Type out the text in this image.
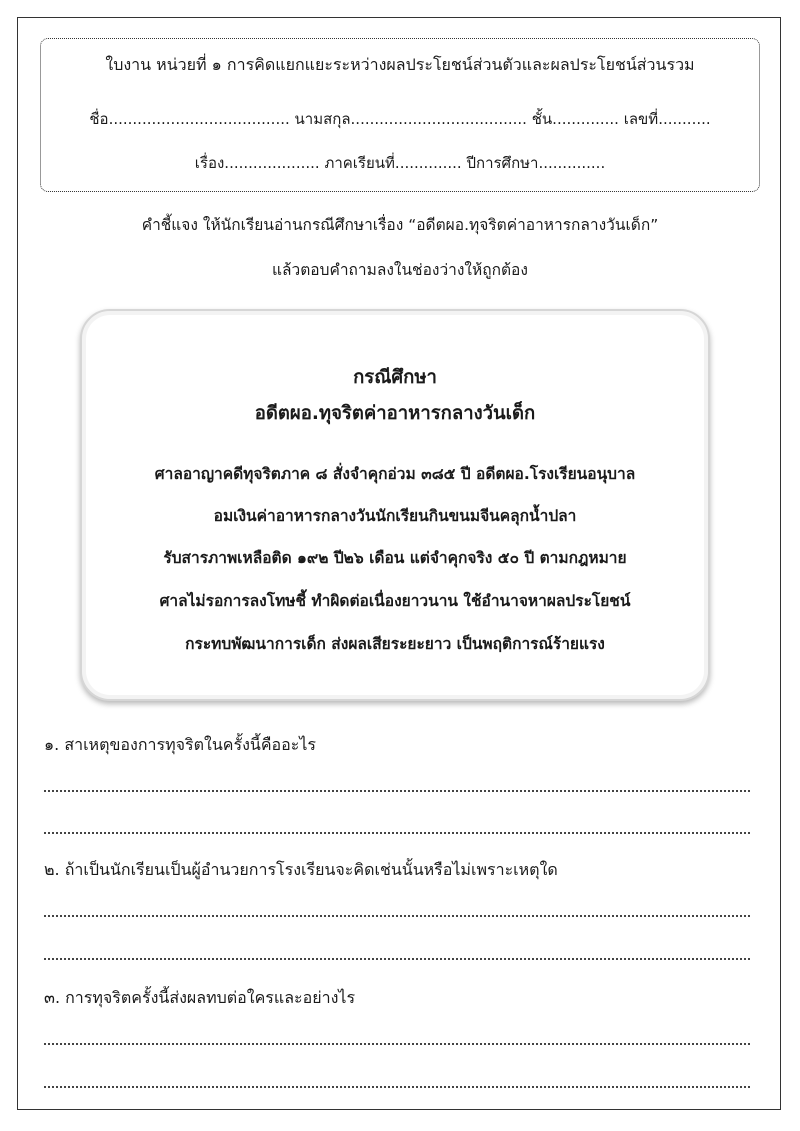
ใบงาน หน่วยที่ ๑ การคิดแยกแยะระหว่างผลประโยชน์ส่วนตัวและผลประโยชน์ส่วนรวม
ชื่อ...................................... นามสกุล..................................... ชั้น.............. เลขที่...........
เรื่อง.................... ภาคเรียนที่.............. ปีการศึกษา..............
คำชี้แจง ให้นักเรียนอ่านกรณีศึกษาเรื่อง “อดีตผอ.ทุจริตค่าอาหารกลางวันเด็ก”
แล้วตอบคำถามลงในช่องว่างให้ถูกต้อง
กรณีศึกษา
อดีตผอ.ทุจริตค่าอาหารกลางวันเด็ก
ศาลอาญาคดีทุจริตภาค ๘ สั่งจำคุกอ่วม ๓๘๕ ปี อดีตผอ.โรงเรียนอนุบาล
อมเงินค่าอาหารกลางวันนักเรียนกินขนมจีนคลุกน้ำปลา
รับสารภาพเหลือติด ๑๙๒ ปี๒๖ เดือน แต่จำคุกจริง ๕๐ ปี ตามกฎหมาย
ศาลไม่รอการลงโทษชี้ ทำผิดต่อเนื่องยาวนาน ใช้อำนาจหาผลประโยชน์
กระทบพัฒนาการเด็ก ส่งผลเสียระยะยาว เป็นพฤติการณ์ร้ายแรง
๑. สาเหตุของการทุจริตในครั้งนี้คืออะไร
๒. ถ้าเป็นนักเรียนเป็นผู้อำนวยการโรงเรียนจะคิดเช่นนั้นหรือไม่เพราะเหตุใด
๓. การทุจริตครั้งนี้ส่งผลทบต่อใครและอย่างไร
